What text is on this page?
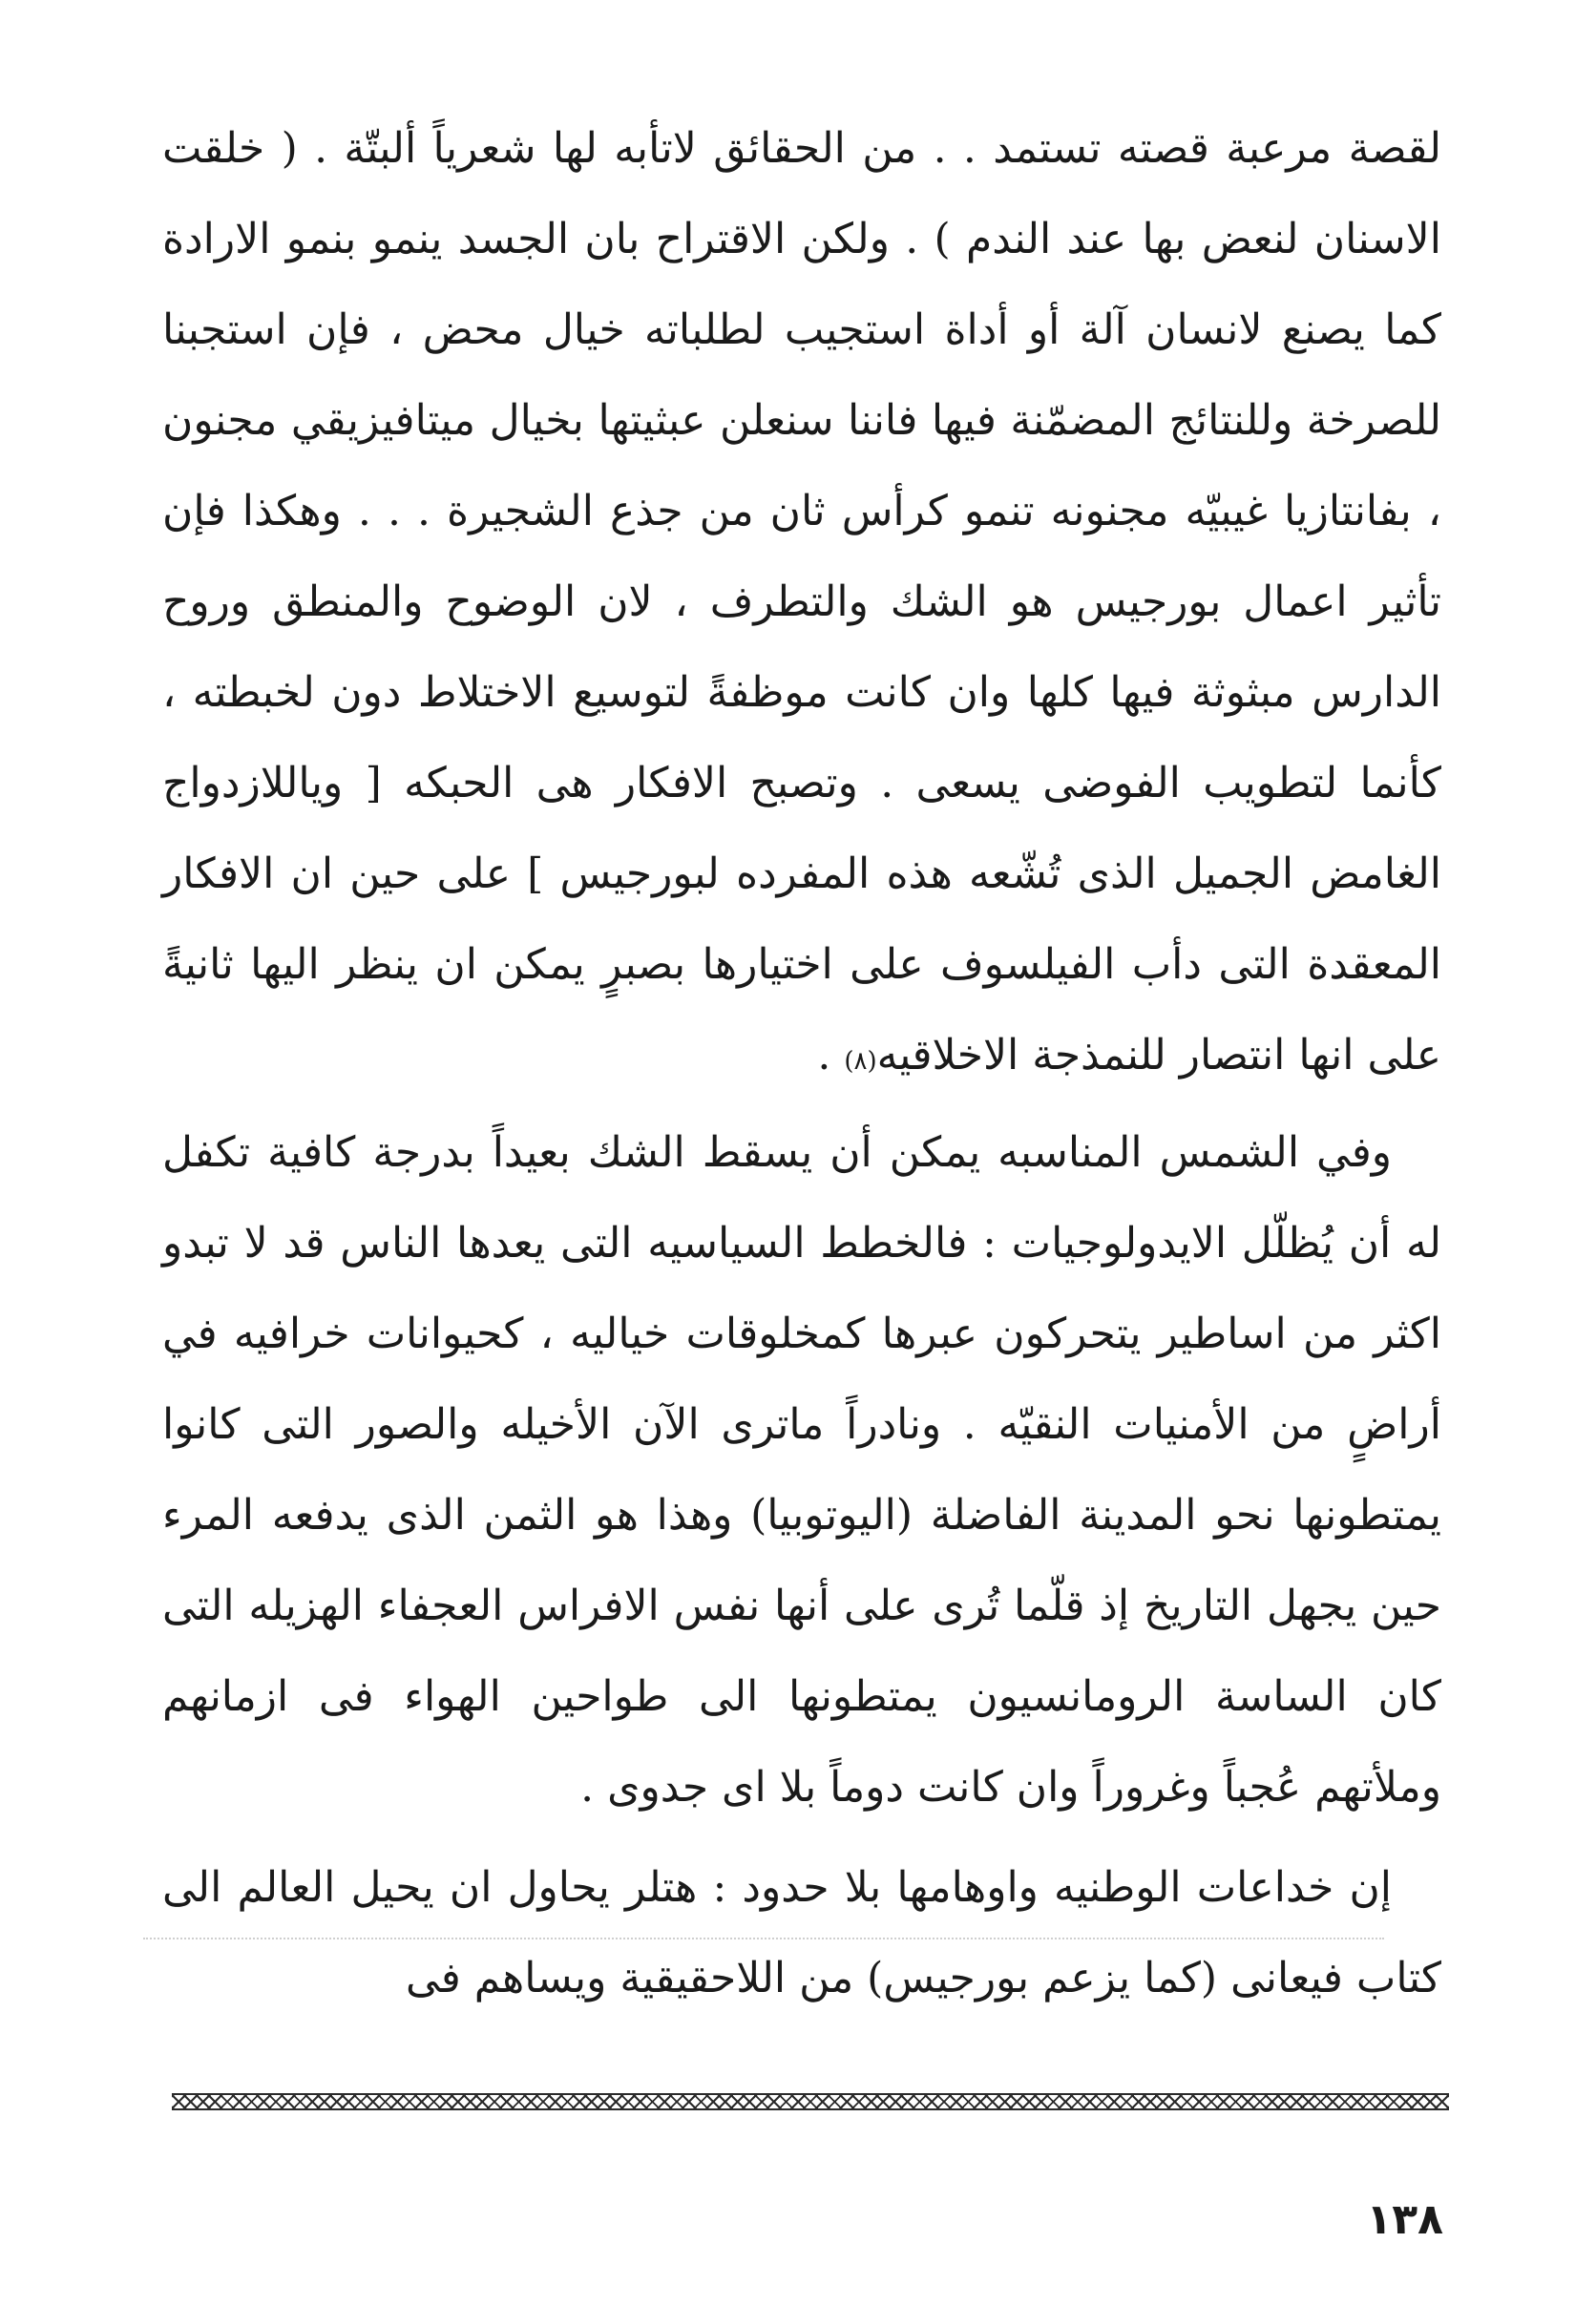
لقصة مرعبة قصته تستمد . . من الحقائق لاتأبه لها شعرياً ألبتّة . ( خلقت الاسنان لنعض بها عند الندم ) . ولكن الاقتراح بان الجسد ينمو بنمو الارادة كما يصنع لانسان آلة أو أداة استجيب لطلباته خيال محض ، فإن استجبنا للصرخة وللنتائج المضمّنة فيها فاننا سنعلن عبثيتها بخيال ميتافيزيقي مجنون ، بفانتازيا غيبيّه مجنونه تنمو كرأس ثان من جذع الشجيرة . . . وهكذا فإن تأثير اعمال بورجيس هو الشك والتطرف ، لان الوضوح والمنطق وروح الدارس مبثوثة فيها كلها وان كانت موظفةً لتوسيع الاختلاط دون لخبطته ، كأنما لتطويب الفوضى يسعى . وتصبح الافكار هى الحبكه [ وياللازدواج الغامض الجميل الذى تُشّعه هذه المفرده لبورجيس ] على حين ان الافكار المعقدة التى دأب الفيلسوف على اختيارها بصبرٍ يمكن ان ينظر اليها ثانيةً على انها انتصار للنمذجة الاخلاقيه(٨) .

وفي الشمس المناسبه يمكن أن يسقط الشك بعيداً بدرجة كافية تكفل له أن يُظلّل الايدولوجيات : فالخطط السياسيه التى يعدها الناس قد لا تبدو اكثر من اساطير يتحركون عبرها كمخلوقات خياليه ، كحيوانات خرافيه في أراضٍ من الأمنيات النقيّه . ونادراً ماترى الآن الأخيله والصور التى كانوا يمتطونها نحو المدينة الفاضلة (اليوتوبيا) وهذا هو الثمن الذى يدفعه المرء حين يجهل التاريخ إذ قلّما تُرى على أنها نفس الافراس العجفاء الهزيله التى كان الساسة الرومانسيون يمتطونها الى طواحين الهواء فى ازمانهم وملأتهم عُجباً وغروراً وان كانت دوماً بلا اى جدوى .

إن خداعات الوطنيه واوهامها بلا حدود : هتلر يحاول ان يحيل العالم الى كتاب فيعانى (كما يزعم بورجيس) من اللاحقيقية ويساهم فى

١٣٨
